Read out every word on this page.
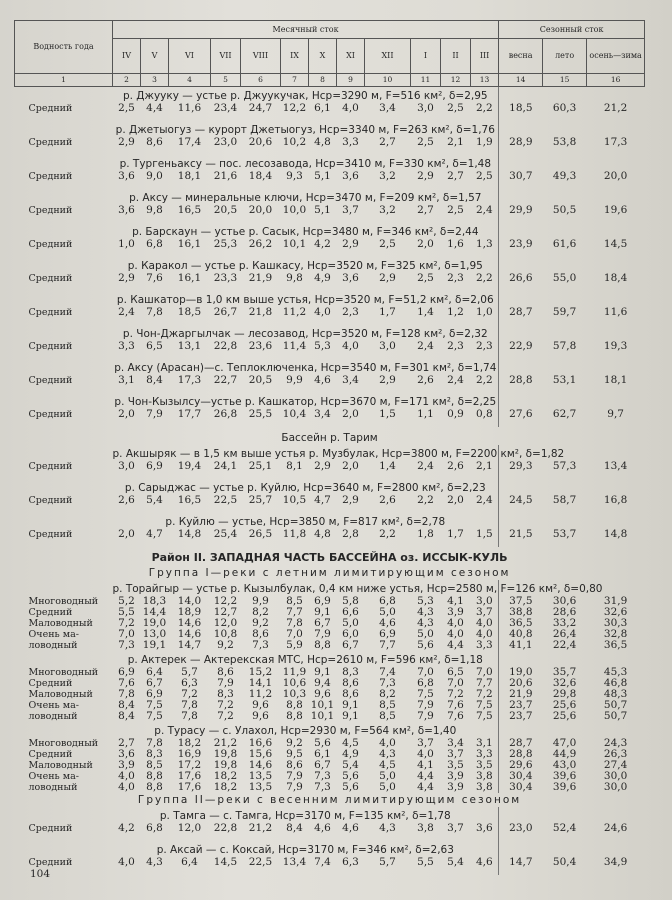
Водность года	Месячный сток												Сезонный сток		
	IV	V	VI	VII	VIII	IX	X	XI	XII	I	II	III	весна	лето	осень—зима
1	2	3	4	5	6	7	8	9	10	11	12	13	14	15	16
	р. Джууку — устье р. Джуукучак, Hср=3290 м, F=516 км², δ=2,95														
Средний	2,5	4,4	11,6	23,4	24,7	12,2	6,1	4,0	3,4	3,0	2,5	2,2	18,5	60,3	21,2
	р. Джетыогуз — курорт Джетыогуз, Hср=3340 м, F=263 км², δ=1,76														
Средний	2,9	8,6	17,4	23,0	20,6	10,2	4,8	3,3	2,7	2,5	2,1	1,9	28,9	53,8	17,3
	р. Тургеньаксу — пос. лесозавода, Hср=3410 м, F=330 км², δ=1,48														
Средний	3,6	9,0	18,1	21,6	18,4	9,3	5,1	3,6	3,2	2,9	2,7	2,5	30,7	49,3	20,0
	р. Аксу — минеральные ключи, Hср=3470 м, F=209 км², δ=1,57														
Средний	3,6	9,8	16,5	20,5	20,0	10,0	5,1	3,7	3,2	2,7	2,5	2,4	29,9	50,5	19,6
	р. Барскаун — устье р. Сасык, Hср=3480 м, F=346 км², δ=2,44														
Средний	1,0	6,8	16,1	25,3	26,2	10,1	4,2	2,9	2,5	2,0	1,6	1,3	23,9	61,6	14,5
	р. Каракол — устье р. Кашкасу, Hср=3520 м, F=325 км², δ=1,95														
Средний	2,9	7,6	16,1	23,3	21,9	9,8	4,9	3,6	2,9	2,5	2,3	2,2	26,6	55,0	18,4
	р. Кашкатор—в 1,0 км выше устья, Hср=3520 м, F=51,2 км², δ=2,06														
Средний	2,4	7,8	18,5	26,7	21,8	11,2	4,0	2,3	1,7	1,4	1,2	1,0	28,7	59,7	11,6
	р. Чон-Джаргылчак — лесозавод, Hср=3520 м, F=128 км², δ=2,32														
Средний	3,3	6,5	13,1	22,8	23,6	11,4	5,3	4,0	3,0	2,4	2,3	2,3	22,9	57,8	19,3
	р. Аксу (Арасан)—с. Теплоключенка, Hср=3540 м, F=301 км², δ=1,74														
Средний	3,1	8,4	17,3	22,7	20,5	9,9	4,6	3,4	2,9	2,6	2,4	2,2	28,8	53,1	18,1
	р. Чон-Кызылсу—устье р. Кашкатор, Hср=3670 м, F=171 км², δ=2,25														
Средний	2,0	7,9	17,7	26,8	25,5	10,4	3,4	2,0	1,5	1,1	0,9	0,8	27,6	62,7	9,7
Бассейн р. Тарим															
	р. Акшыряк — в 1,5 км выше устья р. Музбулак, Hср=3800 м, F=2200 км², δ=1,82														
Средний	3,0	6,9	19,4	24,1	25,1	8,1	2,9	2,0	1,4	2,4	2,6	2,1	29,3	57,3	13,4
	р. Сарыджас — устье р. Куйлю, Hср=3640 м, F=2800 км², δ=2,23														
Средний	2,6	5,4	16,5	22,5	25,7	10,5	4,7	2,9	2,6	2,2	2,0	2,4	24,5	58,7	16,8
	р. Куйлю — устье, Hср=3850 м, F=817 км², δ=2,78														
Средний	2,0	4,7	14,8	25,4	26,5	11,8	4,8	2,8	2,2	1,8	1,7	1,5	21,5	53,7	14,8
Район II. ЗАПАДНАЯ ЧАСТЬ БАССЕЙНА оз. ИССЫК-КУЛЬ															
Группа I—реки с летним лимитирующим сезоном															
	р. Торайгыр — устье р. Кызылбулак, 0,4 км ниже устья, Hср=2580 м, F=126 км², δ=0,80														
Многоводный	5,2	18,3	14,0	12,2	9,9	8,5	6,9	5,8	6,8	5,3	4,1	3,0	37,5	30,6	31,9
Средний	5,5	14,4	18,9	12,7	8,2	7,7	9,1	6,6	5,0	4,3	3,9	3,7	38,8	28,6	32,6
Маловодный	7,2	19,0	14,6	12,0	9,2	7,8	6,7	5,0	4,6	4,3	4,0	4,0	36,5	33,2	30,3
Очень ма-	7,0	13,0	14,6	10,8	8,6	7,0	7,9	6,0	6,9	5,0	4,0	4,0	40,8	26,4	32,8
ловодный	7,3	19,1	14,7	9,2	7,3	5,9	8,8	6,7	7,7	5,6	4,4	3,3	41,1	22,4	36,5
	р. Актерек — Актерекская МТС, Hср=2610 м, F=596 км², δ=1,18														
Многоводный	6,9	6,4	5,7	8,6	15,2	11,9	9,1	8,3	7,4	7,0	6,5	7,0	19,0	35,7	45,3
Средний	7,6	6,7	6,3	7,9	14,1	10,6	9,4	8,6	7,3	6,8	7,0	7,7	20,6	32,6	46,8
Маловодный	7,8	6,9	7,2	8,3	11,2	10,3	9,6	8,6	8,2	7,5	7,2	7,2	21,9	29,8	48,3
Очень ма-	8,4	7,5	7,8	7,2	9,6	8,8	10,1	9,1	8,5	7,9	7,6	7,5	23,7	25,6	50,7
ловодный	8,4	7,5	7,8	7,2	9,6	8,8	10,1	9,1	8,5	7,9	7,6	7,5	23,7	25,6	50,7
	р. Турасу — с. Улахол, Hср=2930 м, F=564 км², δ=1,40														
Многоводный	2,7	7,8	18,2	21,2	16,6	9,2	5,6	4,5	4,0	3,7	3,4	3,1	28,7	47,0	24,3
Средний	3,6	8,3	16,9	19,8	15,6	9,5	6,1	4,9	4,3	4,0	3,7	3,3	28,8	44,9	26,3
Маловодный	3,9	8,5	17,2	19,8	14,6	8,6	6,7	5,4	4,5	4,1	3,5	3,5	29,6	43,0	27,4
Очень ма-	4,0	8,8	17,6	18,2	13,5	7,9	7,3	5,6	5,0	4,4	3,9	3,8	30,4	39,6	30,0
ловодный	4,0	8,8	17,6	18,2	13,5	7,9	7,3	5,6	5,0	4,4	3,9	3,8	30,4	39,6	30,0
Группа II—реки с весенним лимитирующим сезоном															
	р. Тамга — с. Тамга, Hср=3170 м, F=135 км², δ=1,78														
Средний	4,2	6,8	12,0	22,8	21,2	8,4	4,6	4,6	4,3	3,8	3,7	3,6	23,0	52,4	24,6
	р. Аксай — с. Коксай, Hср=3170 м, F=346 км², δ=2,63														
Средний	4,0	4,3	6,4	14,5	22,5	13,4	7,4	6,3	5,7	5,5	5,4	4,6	14,7	50,4	34,9
104
